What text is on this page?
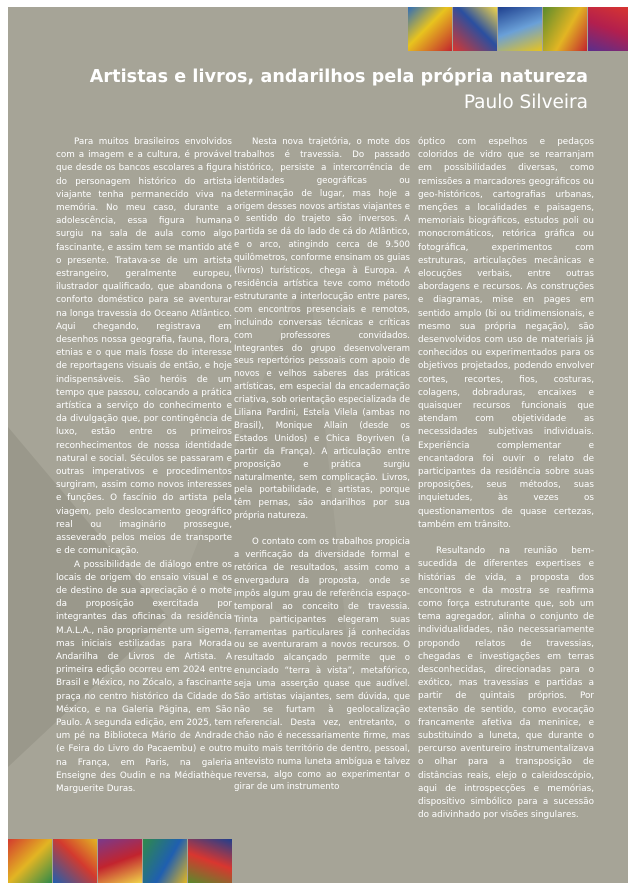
Artistas e livros, andarilhos pela própria natureza
Paulo Silveira

Para muitos brasileiros envolvidos com a imagem e a cultura, é provável que desde os bancos escolares a figura do personagem histórico do artista viajante tenha permanecido viva na memória. No meu caso, durante a adolescência, essa figura humana surgiu na sala de aula como algo fascinante, e assim tem se mantido até o presente. Tratava-se de um artista estrangeiro, geralmente europeu, ilustrador qualificado, que abandona o conforto doméstico para se aventurar na longa travessia do Oceano Atlântico. Aqui chegando, registrava em desenhos nossa geografia, fauna, flora, etnias e o que mais fosse do interesse de reportagens visuais de então, e hoje indispensáveis. São heróis de um tempo que passou, colocando a prática artística a serviço do conhecimento e da divulgação que, por contingência de luxo, estão entre os primeiros reconhecimentos de nossa identidade natural e social. Séculos se passaram e outras imperativos e procedimentos surgiram, assim como novos interesses e funções. O fascínio do artista pela viagem, pelo deslocamento geográfico real ou imaginário prossegue, asseverado pelos meios de transporte e de comunicação.

A possibilidade de diálogo entre os locais de origem do ensaio visual e os de destino de sua apreciação é o mote da proposição exercitada por integrantes das oficinas da residência M.A.L.A., não propriamente um sigema, mas iniciais estilizadas para Morada Andarilha de Livros de Artista. A primeira edição ocorreu em 2024 entre Brasil e México, no Zócalo, a fascinante praça no centro histórico da Cidade do México, e na Galeria Página, em São Paulo. A segunda edição, em 2025, tem um pé na Biblioteca Mário de Andrade (e Feira do Livro do Pacaembu) e outro na França, em Paris, na galeria Enseigne des Oudin e na Médiathèque Marguerite Duras.

Nesta nova trajetória, o mote dos trabalhos é travessia. Do passado histórico, persiste a intercorrência de identidades geográficas ou determinação de lugar, mas hoje a origem desses novos artistas viajantes e o sentido do trajeto são inversos. A partida se dá do lado de cá do Atlântico, e o arco, atingindo cerca de 9.500 quilômetros, conforme ensinam os guias (livros) turísticos, chega à Europa. A residência artística teve como método estruturante a interlocução entre pares, com encontros presenciais e remotos, incluindo conversas técnicas e críticas com professores convidados. Integrantes do grupo desenvolveram seus repertórios pessoais com apoio de novos e velhos saberes das práticas artísticas, em especial da encadernação criativa, sob orientação especializada de Liliana Pardini, Estela Vilela (ambas no Brasil), Monique Allain (desde os Estados Unidos) e Chica Boyriven (a partir da França). A articulação entre proposição e prática surgiu naturalmente, sem complicação. Livros, pela portabilidade, e artistas, porque têm pernas, são andarilhos por sua própria natureza.

O contato com os trabalhos propicia a verificação da diversidade formal e retórica de resultados, assim como a envergadura da proposta, onde se impôs algum grau de referência espaço-temporal ao conceito de travessia. Trinta participantes elegeram suas ferramentas particulares já conhecidas ou se aventuraram a novos recursos. O resultado alcançado permite que o enunciado “terra à vista”, metafórico, seja uma asserção quase que audível. São artistas viajantes, sem dúvida, que não se furtam à geolocalização referencial. Desta vez, entretanto, o chão não é necessariamente firme, mas muito mais território de dentro, pessoal, antevisto numa luneta ambígua e talvez reversa, algo como ao experimentar o girar de um instrumento

óptico com espelhos e pedaços coloridos de vidro que se rearranjam em possibilidades diversas, como remissões a marcadores geográficos ou geo-históricos, cartografias urbanas, menções a localidades e paisagens, memoriais biográficos, estudos poli ou monocromáticos, retórica gráfica ou fotográfica, experimentos com estruturas, articulações mecânicas e elocuções verbais, entre outras abordagens e recursos. As construções e diagramas, mise en pages em sentido amplo (bi ou tridimensionais, e mesmo sua própria negação), são desenvolvidos com uso de materiais já conhecidos ou experimentados para os objetivos projetados, podendo envolver cortes, recortes, fios, costuras, colagens, dobraduras, encaixes e quaisquer recursos funcionais que atendam com objetividade as necessidades subjetivas individuais. Experiência complementar e encantadora foi ouvir o relato de participantes da residência sobre suas proposições, seus métodos, suas inquietudes, às vezes os questionamentos de quase certezas, também em trânsito.

Resultando na reunião bem-sucedida de diferentes expertises e histórias de vida, a proposta dos encontros e da mostra se reafirma como força estruturante que, sob um tema agregador, alinha o conjunto de individualidades, não necessariamente propondo relatos de travessias, chegadas e investigações em terras desconhecidas, direcionadas para o exótico, mas travessias e partidas a partir de quintais próprios. Por extensão de sentido, como evocação francamente afetiva da meninice, e substituindo a luneta, que durante o percurso aventureiro instrumentalizava o olhar para a transposição de distâncias reais, elejo o caleidoscópio, aqui de introspecções e memórias, dispositivo simbólico para a sucessão do adivinhado por visões singulares.
